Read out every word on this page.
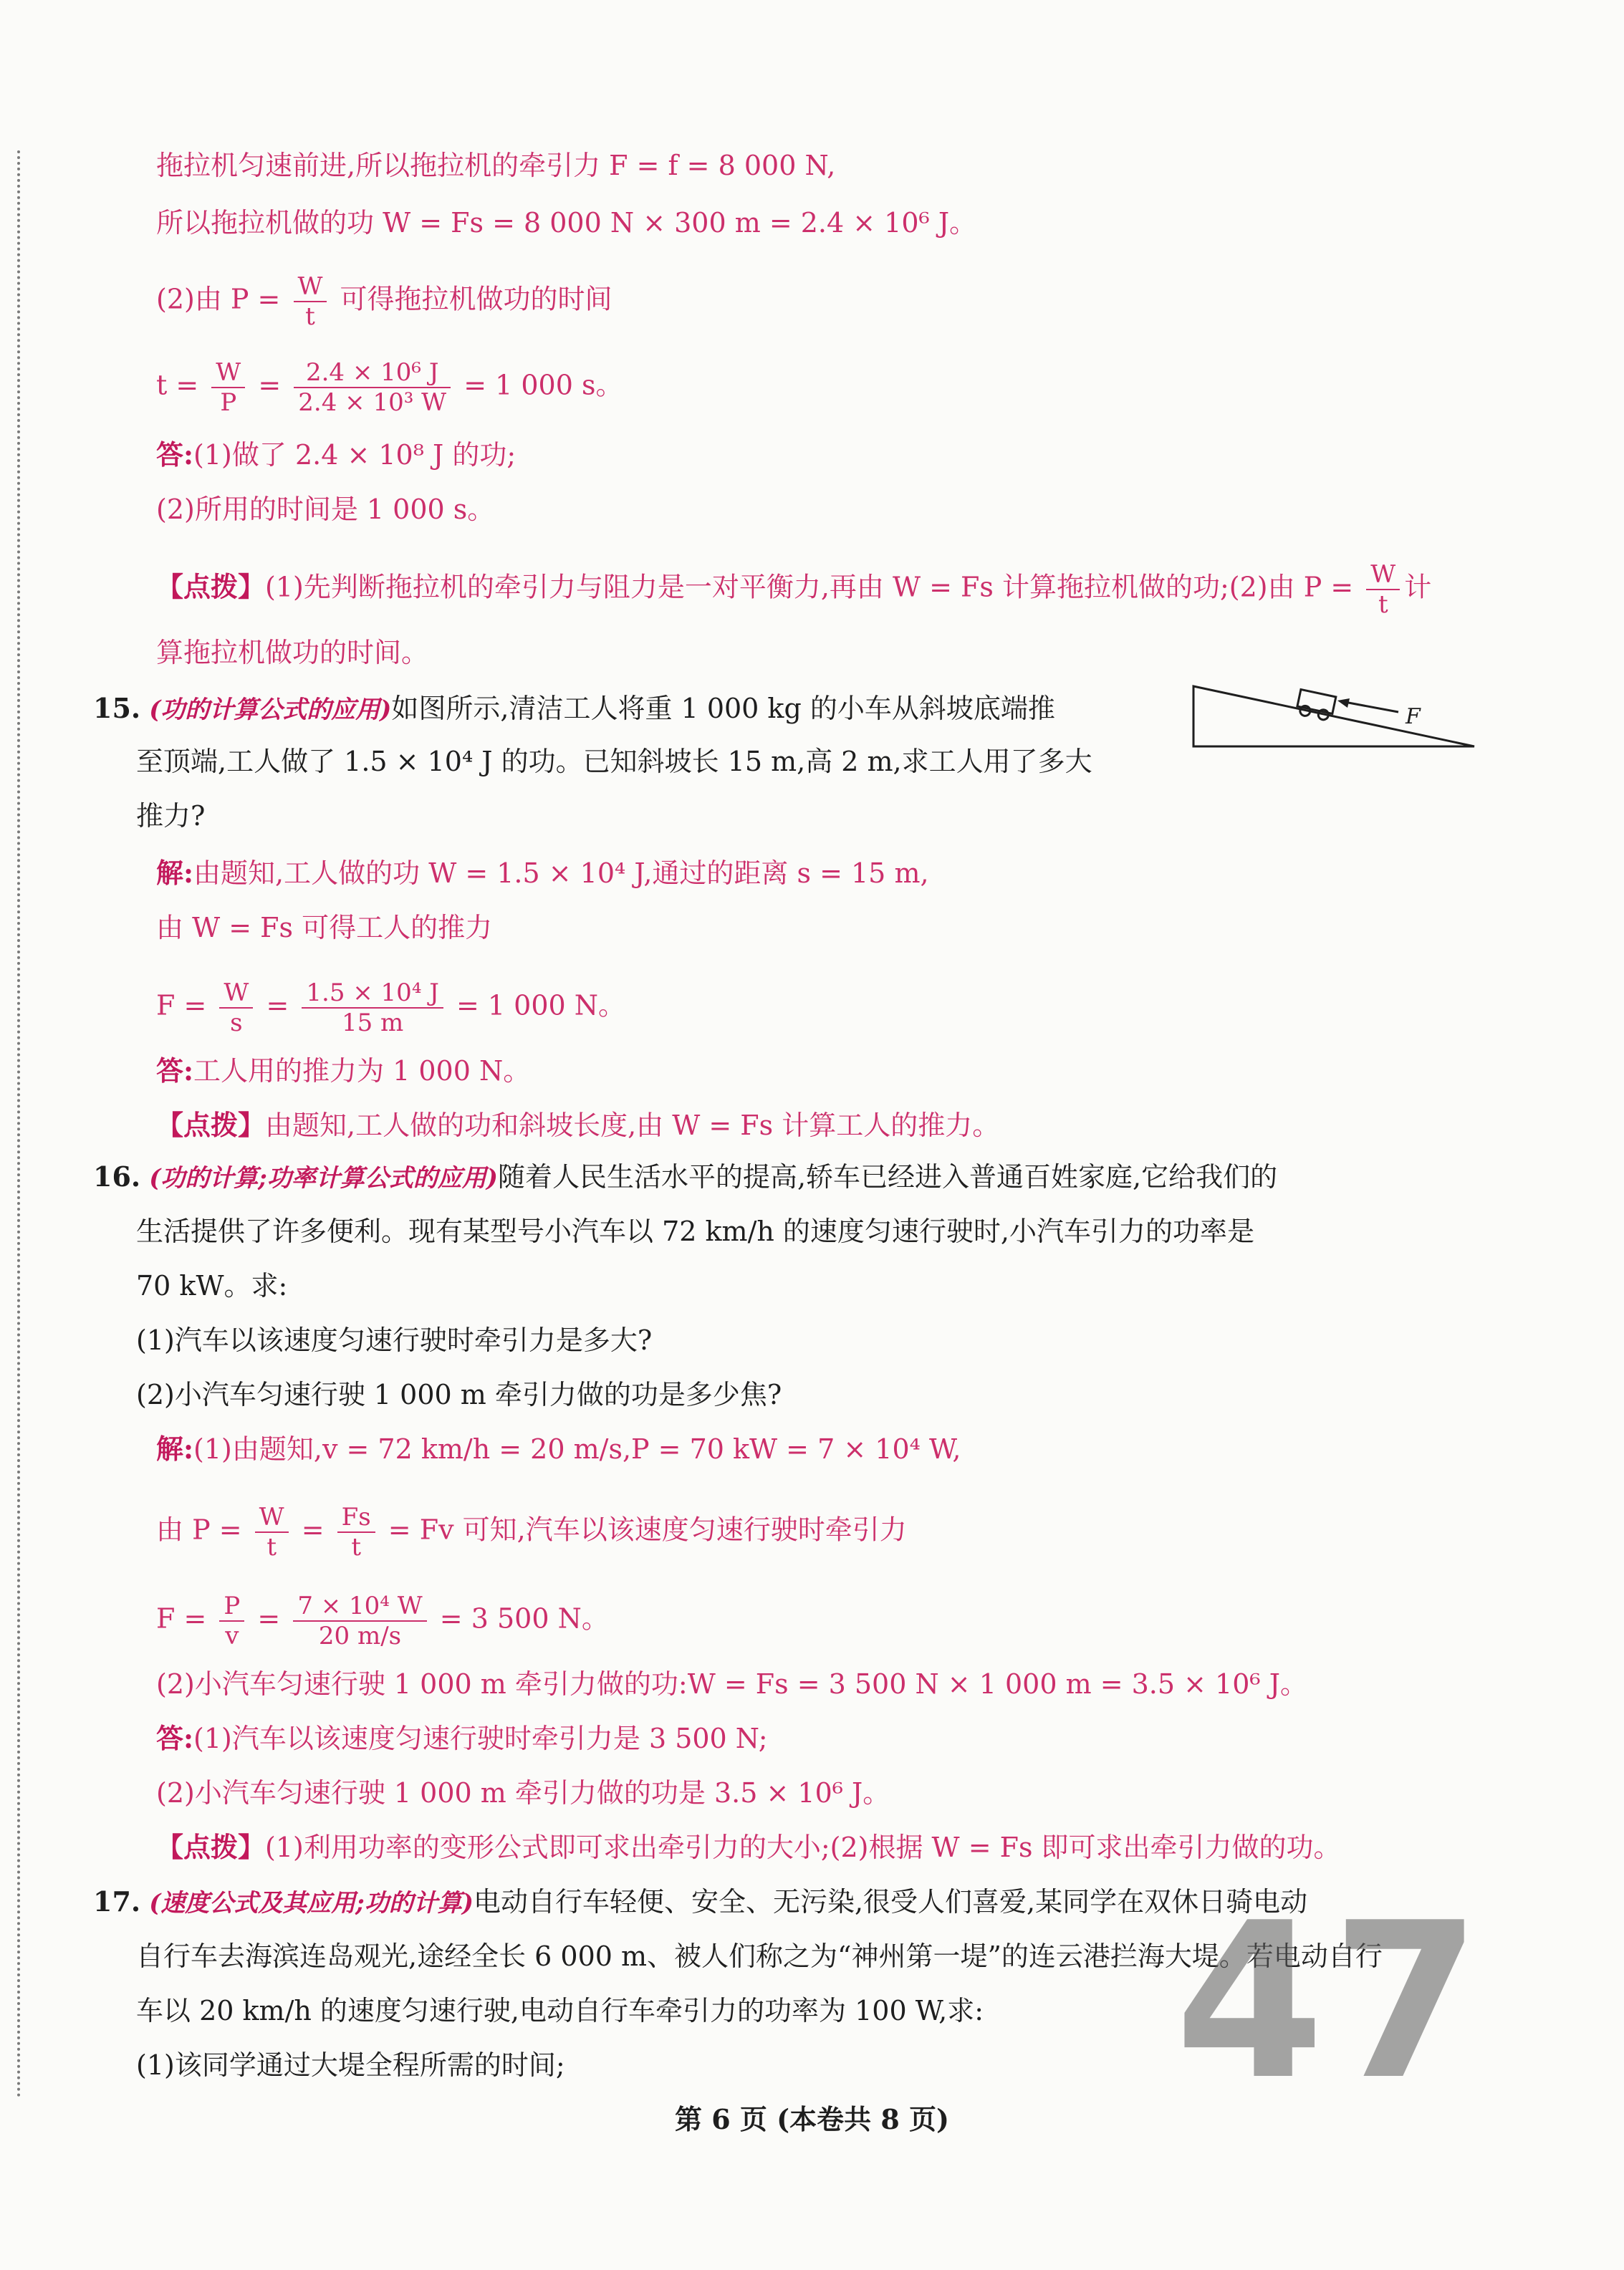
拖拉机匀速前进,所以拖拉机的牵引力 F = f = 8 000 N,
所以拖拉机做的功 W = Fs = 8 000 N × 300 m = 2.4 × 10⁶ J。
(2)由 $P = \frac{W}{t}$ 可得拖拉机做功的时间
$t = \frac{W}{P} = \frac{\text{2.4 × 10⁶ J}}{\text{2.4 × 10³ W}} = 1$ 000 s。
答:(1)做了 2.4 × 10⁸ J 的功;
(2)所用的时间是 1 000 s。
【点拨】(1)先判断拖拉机的牵引力与阻力是一对平衡力,再由 W = Fs 计算拖拉机做的功;(2)由 $P = \frac{W}{t}$ 计
算拖拉机做功的时间。
15. (功的计算公式的应用)如图所示,清洁工人将重 1 000 kg 的小车从斜坡底端推
至顶端,工人做了 1.5 × 10⁴ J 的功。已知斜坡长 15 m,高 2 m,求工人用了多大
推力?
F
解:由题知,工人做的功 W = 1.5 × 10⁴ J,通过的距离 s = 15 m,
由 W = Fs 可得工人的推力
$F = \frac{W}{s} = \frac{\text{1.5 × 10⁴ J}}{15 m} = 1$ 000 N。
答:工人用的推力为 1 000 N。
【点拨】由题知,工人做的功和斜坡长度,由 W = Fs 计算工人的推力。
16. (功的计算;功率计算公式的应用)随着人民生活水平的提高,轿车已经进入普通百姓家庭,它给我们的
生活提供了许多便利。现有某型号小汽车以 72 km/h 的速度匀速行驶时,小汽车引力的功率是
70 kW。求:
(1)汽车以该速度匀速行驶时牵引力是多大?
(2)小汽车匀速行驶 1 000 m 牵引力做的功是多少焦?
解:(1)由题知,v = 72 km/h = 20 m/s,P = 70 kW = 7 × 10⁴ W,
由 $P = \frac{W}{t} = \frac{Fs}{t} = Fv$ 可知,汽车以该速度匀速行驶时牵引力
$F = \frac{P}{v} = \frac{\text{7 × 10⁴ W}}{20 m/s} = 3$ 500 N。
(2)小汽车匀速行驶 1 000 m 牵引力做的功:W = Fs = 3 500 N × 1 000 m = 3.5 × 10⁶ J。
答:(1)汽车以该速度匀速行驶时牵引力是 3 500 N;
(2)小汽车匀速行驶 1 000 m 牵引力做的功是 3.5 × 10⁶ J。
【点拨】(1)利用功率的变形公式即可求出牵引力的大小;(2)根据 W = Fs 即可求出牵引力做的功。
17. (速度公式及其应用;功的计算)电动自行车轻便、安全、无污染,很受人们喜爱,某同学在双休日骑电动
自行车去海滨连岛观光,途经全长 6 000 m、被人们称之为“神州第一堤”的连云港拦海大堤。若电动自行
车以 20 km/h 的速度匀速行驶,电动自行车牵引力的功率为 100 W,求:
(1)该同学通过大堤全程所需的时间;	47
第 6 页 (本卷共 8 页)
